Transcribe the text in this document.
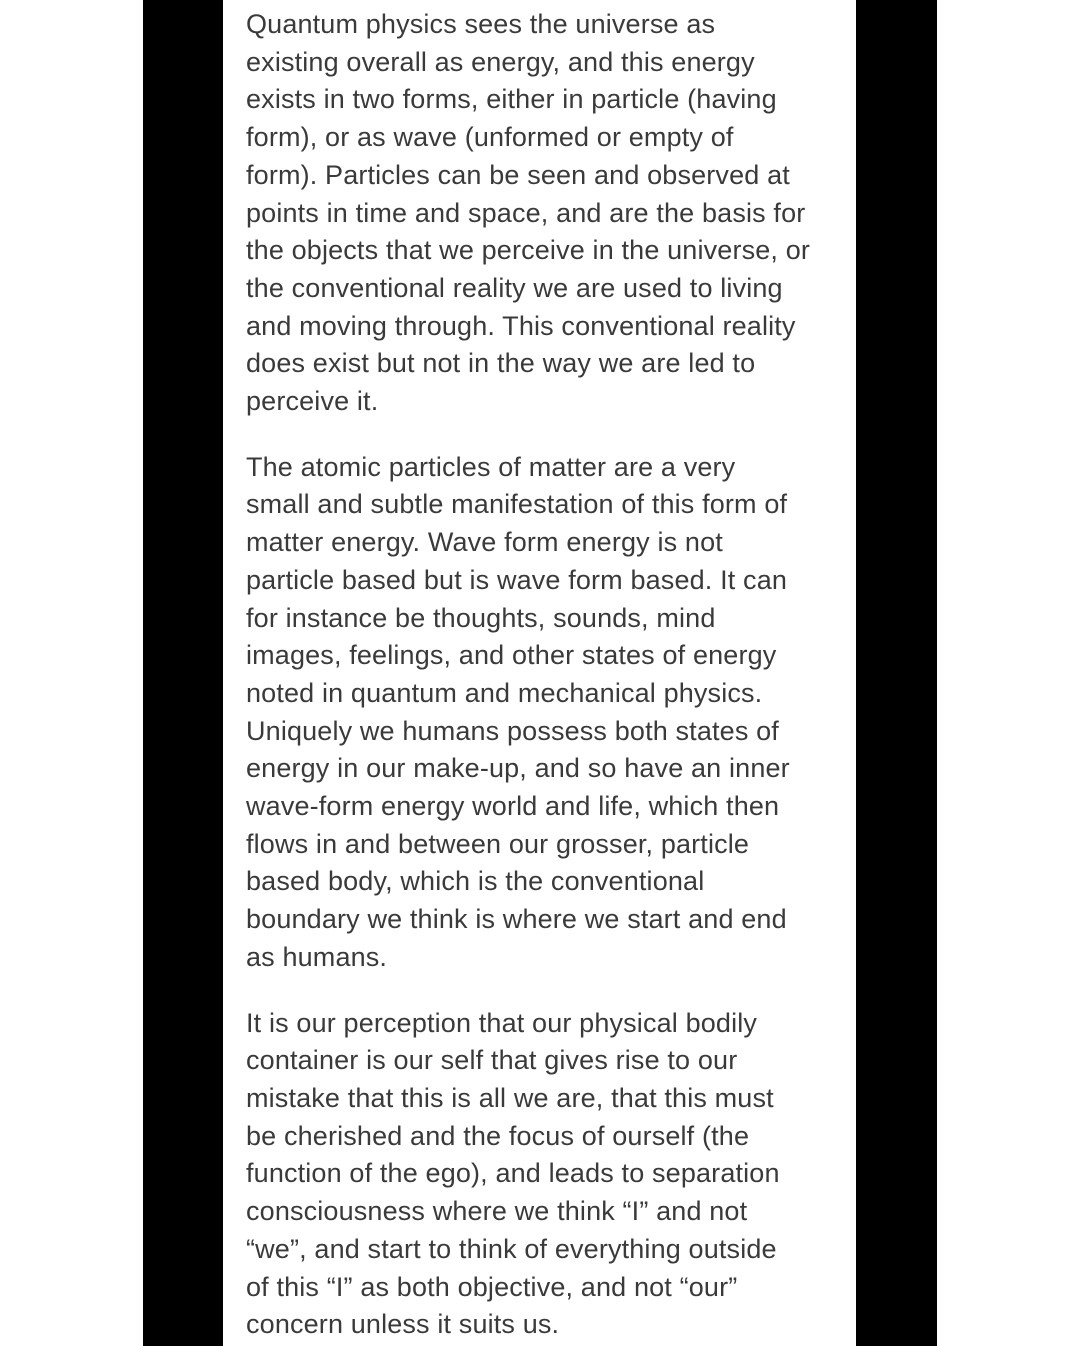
Quantum physics sees the universe as
existing overall as energy, and this energy
exists in two forms, either in particle (having
form), or as wave (unformed or empty of
form). Particles can be seen and observed at
points in time and space, and are the basis for
the objects that we perceive in the universe, or
the conventional reality we are used to living
and moving through. This conventional reality
does exist but not in the way we are led to
perceive it.

The atomic particles of matter are a very
small and subtle manifestation of this form of
matter energy. Wave form energy is not
particle based but is wave form based. It can
for instance be thoughts, sounds, mind
images, feelings, and other states of energy
noted in quantum and mechanical physics.
Uniquely we humans possess both states of
energy in our make-up, and so have an inner
wave-form energy world and life, which then
flows in and between our grosser, particle
based body, which is the conventional
boundary we think is where we start and end
as humans.

It is our perception that our physical bodily
container is our self that gives rise to our
mistake that this is all we are, that this must
be cherished and the focus of ourself (the
function of the ego), and leads to separation
consciousness where we think “I” and not
“we”, and start to think of everything outside
of this “I” as both objective, and not “our”
concern unless it suits us.
